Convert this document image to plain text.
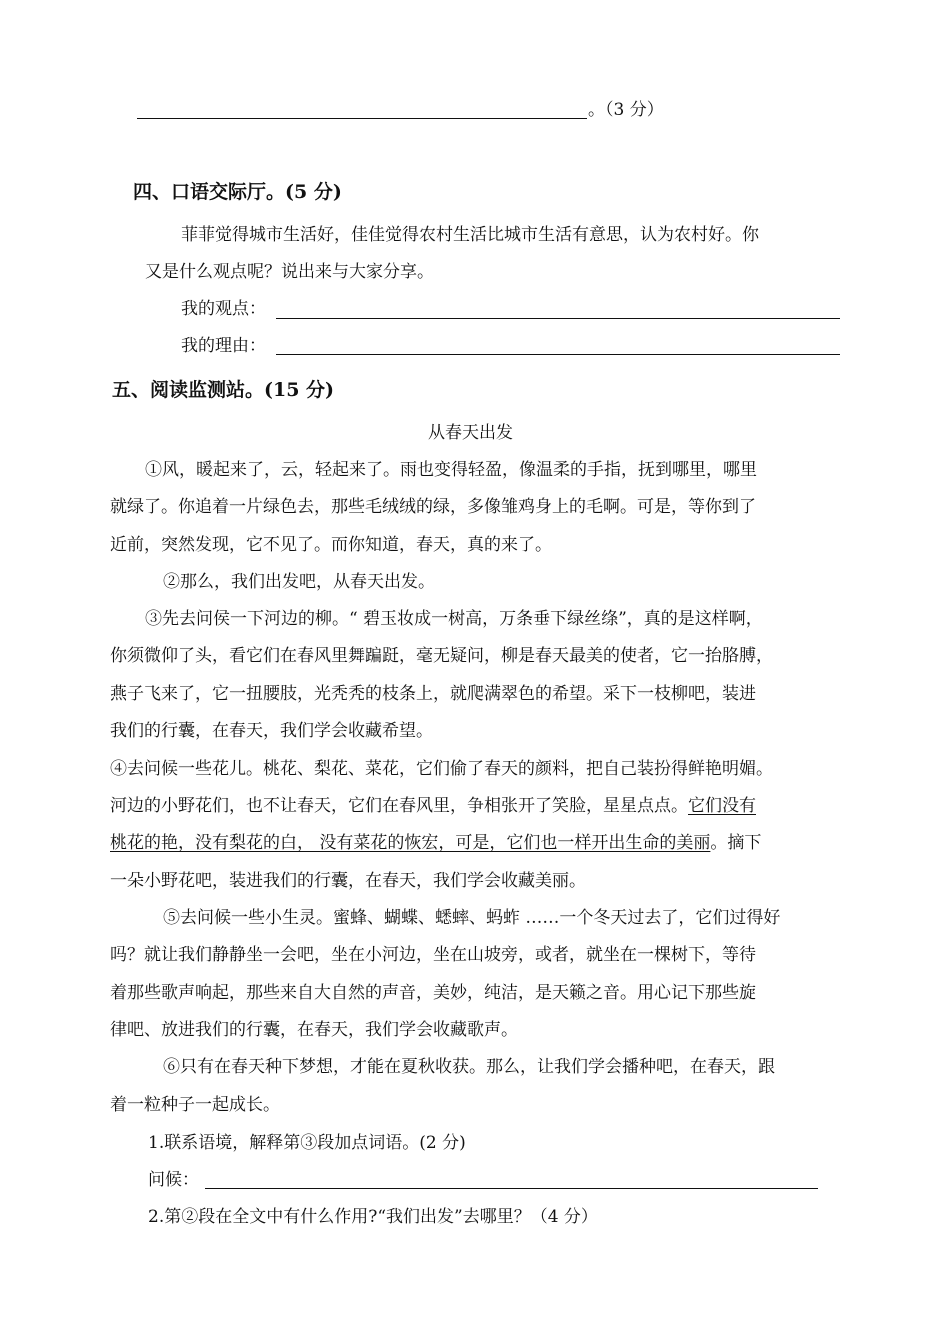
。（3 分）
四、口语交际厅。(5 分)
菲菲觉得城市生活好，佳佳觉得农村生活比城市生活有意思，认为农村好。你
又是什么观点呢？说出来与大家分享。
我的观点：
我的理由：
五、阅读监测站。(15 分)
从春天出发
①风，暖起来了，云，轻起来了。雨也变得轻盈，像温柔的手指，抚到哪里，哪里
就绿了。你追着一片绿色去，那些毛绒绒的绿，多像雏鸡身上的毛啊。可是，等你到了
近前，突然发现，它不见了。而你知道，春天，真的来了。
②那么，我们出发吧，从春天出发。
③先去问侯一下河边的柳。“ 碧玉妆成一树高，万条垂下绿丝绦”，真的是这样啊，
你须微仰了头，看它们在春风里舞蹁跹，毫无疑问，柳是春天最美的使者，它一抬胳膊，
燕子飞来了，它一扭腰肢，光秃秃的枝条上，就爬满翠色的希望。采下一枝柳吧，装进
我们的行囊，在春天，我们学会收藏希望。
④去问候一些花儿。桃花、梨花、菜花，它们偷了春天的颜料，把自己装扮得鲜艳明媚。
河边的小野花们，也不让春天，它们在春风里，争相张开了笑脸，星星点点。它们没有
桃花的艳，没有梨花的白， 没有菜花的恢宏，可是，它们也一样开出生命的美丽。摘下
一朵小野花吧，装进我们的行囊，在春天，我们学会收藏美丽。
⑤去问候一些小生灵。蜜蜂、蝴蝶、蟋蟀、蚂蚱 ……一个冬天过去了，它们过得好
吗？就让我们静静坐一会吧，坐在小河边，坐在山坡旁，或者，就坐在一棵树下，等待
着那些歌声响起，那些来自大自然的声音，美妙，纯洁，是天籁之音。用心记下那些旋
律吧、放进我们的行囊，在春天，我们学会收藏歌声。
⑥只有在春天种下梦想，才能在夏秋收获。那么，让我们学会播种吧，在春天，跟
着一粒种子一起成长。
1.联系语境，解释第③段加点词语。(2 分)
问候：
2.第②段在全文中有什么作用?“我们出发”去哪里？（4 分）
